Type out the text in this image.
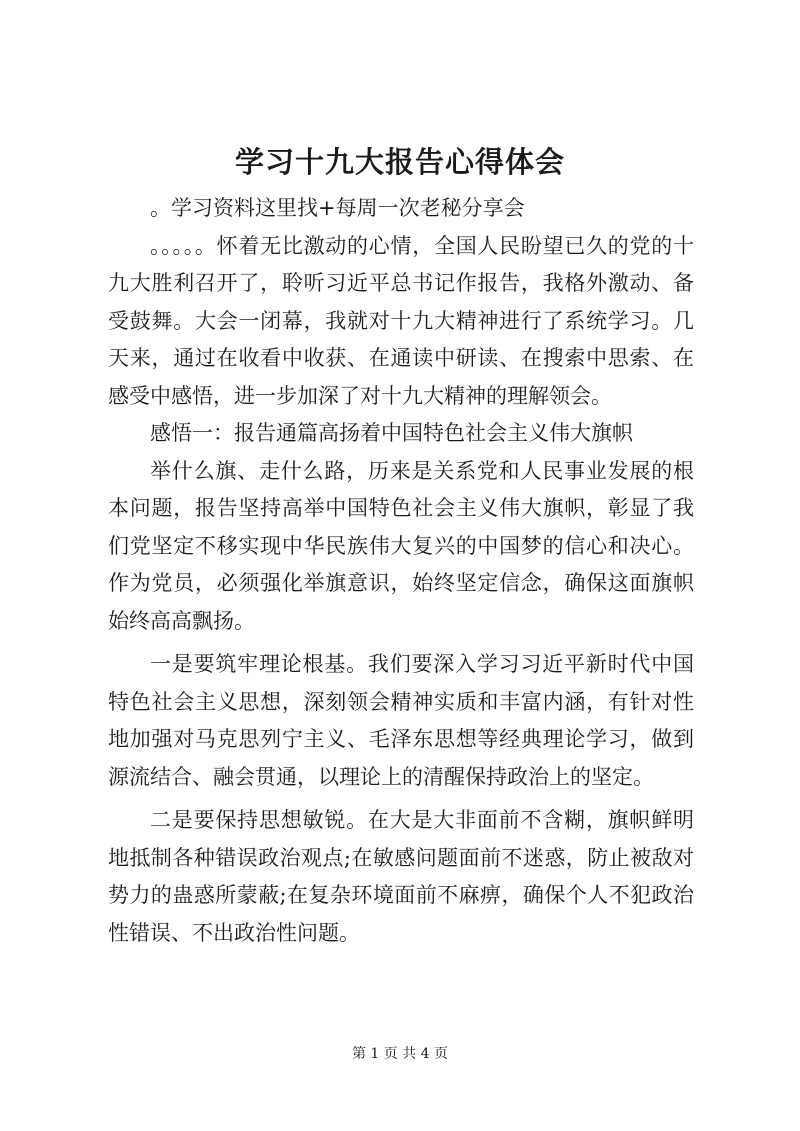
学习十九大报告心得体会

。学习资料这里找+每周一次老秘分享会

。。。。。怀着无比激动的心情，全国人民盼望已久的党的十九大胜利召开了，聆听习近平总书记作报告，我格外激动、备受鼓舞。大会一闭幕，我就对十九大精神进行了系统学习。几天来，通过在收看中收获、在通读中研读、在搜索中思索、在感受中感悟，进一步加深了对十九大精神的理解领会。

感悟一：报告通篇高扬着中国特色社会主义伟大旗帜

举什么旗、走什么路，历来是关系党和人民事业发展的根本问题，报告坚持高举中国特色社会主义伟大旗帜，彰显了我们党坚定不移实现中华民族伟大复兴的中国梦的信心和决心。作为党员，必须强化举旗意识，始终坚定信念，确保这面旗帜始终高高飘扬。

一是要筑牢理论根基。我们要深入学习习近平新时代中国特色社会主义思想，深刻领会精神实质和丰富内涵，有针对性地加强对马克思列宁主义、毛泽东思想等经典理论学习，做到源流结合、融会贯通，以理论上的清醒保持政治上的坚定。

二是要保持思想敏锐。在大是大非面前不含糊，旗帜鲜明地抵制各种错误政治观点;在敏感问题面前不迷惑，防止被敌对势力的蛊惑所蒙蔽;在复杂环境面前不麻痹，确保个人不犯政治性错误、不出政治性问题。

第 1 页 共 4 页
